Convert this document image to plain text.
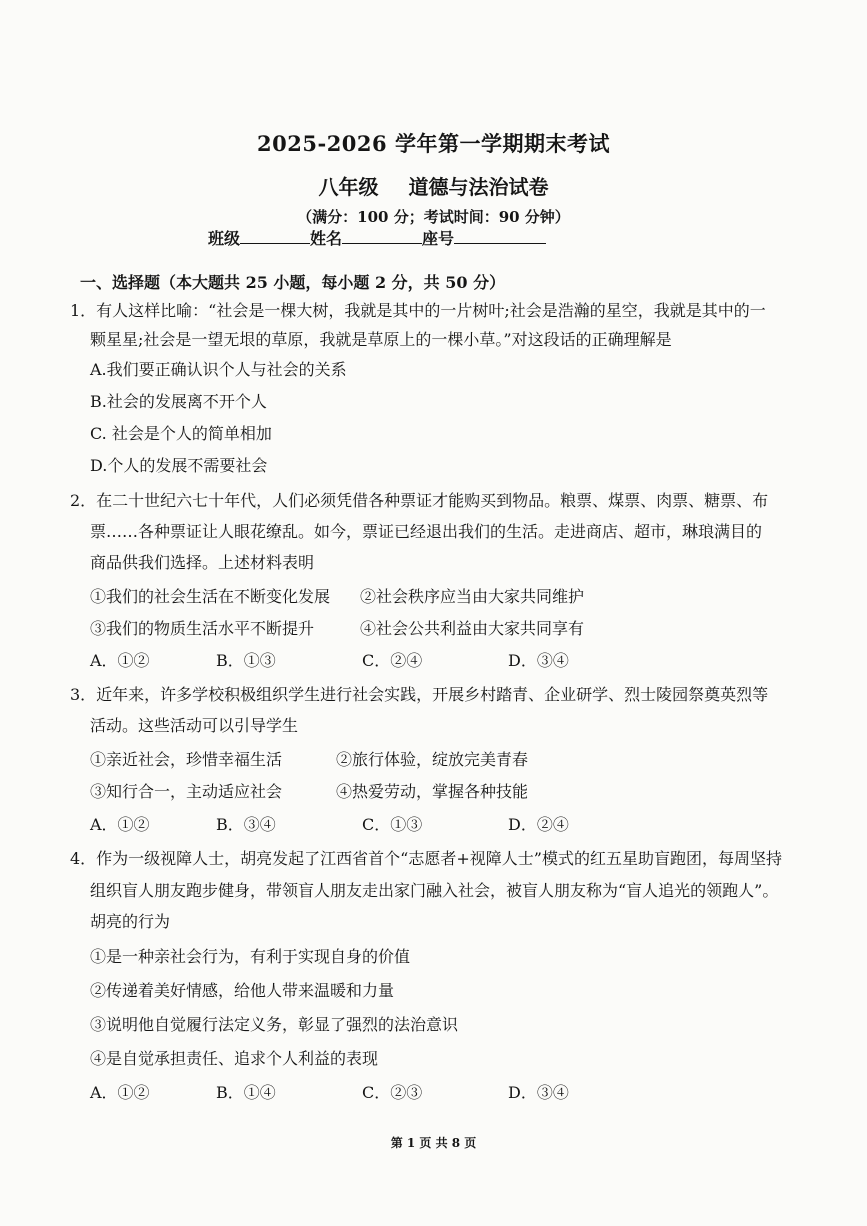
2025-2026 学年第一学期期末考试
八年级 道德与法治试卷
（满分：100 分；考试时间：90 分钟）
班级	姓名	座号
一、选择题（本大题共 25 小题，每小题 2 分，共 50 分）
1．有人这样比喻：“社会是一棵大树，我就是其中的一片树叶;社会是浩瀚的星空，我就是其中的一
颗星星;社会是一望无垠的草原，我就是草原上的一棵小草。”对这段话的正确理解是
A.我们要正确认识个人与社会的关系
B.社会的发展离不开个人
C. 社会是个人的简单相加
D.个人的发展不需要社会
2．在二十世纪六七十年代，人们必须凭借各种票证才能购买到物品。粮票、煤票、肉票、糖票、布
票……各种票证让人眼花缭乱。如今，票证已经退出我们的生活。走进商店、超市，琳琅满目的
商品供我们选择。上述材料表明
①我们的社会生活在不断变化发展 ②社会秩序应当由大家共同维护
③我们的物质生活水平不断提升	④社会公共利益由大家共同享有
A．①②	B．①③	C．②④	D．③④
3．近年来，许多学校积极组织学生进行社会实践，开展乡村踏青、企业研学、烈士陵园祭奠英烈等
活动。这些活动可以引导学生
①亲近社会，珍惜幸福生活	②旅行体验，绽放完美青春
③知行合一，主动适应社会	④热爱劳动，掌握各种技能
A．①②	B．③④	C．①③	D．②④
4．作为一级视障人士，胡亮发起了江西省首个“志愿者+视障人士”模式的红五星助盲跑团，每周坚持
组织盲人朋友跑步健身，带领盲人朋友走出家门融入社会，被盲人朋友称为“盲人追光的领跑人”。
胡亮的行为
①是一种亲社会行为，有利于实现自身的价值
②传递着美好情感，给他人带来温暖和力量
③说明他自觉履行法定义务，彰显了强烈的法治意识
④是自觉承担责任、追求个人利益的表现
A．①②	B．①④	C．②③	D．③④
第 1 页 共 8 页
